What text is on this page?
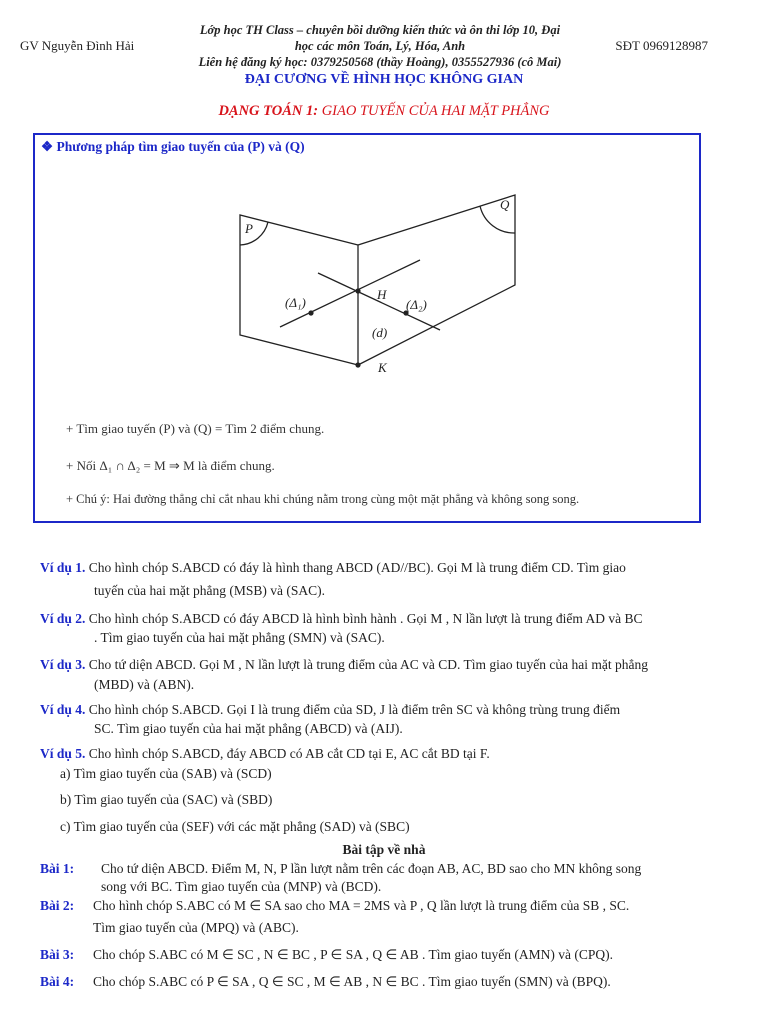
GV Nguyễn Đình Hải
Lớp học TH Class – chuyên bồi dưỡng kiến thức và ôn thi lớp 10, Đại
học các môn Toán, Lý, Hóa, Anh
Liên hệ đăng ký học: 0379250568 (thầy Hoàng), 0355527936 (cô Mai)
SĐT 0969128987
ĐẠI CƯƠNG VỀ HÌNH HỌC KHÔNG GIAN
DẠNG TOÁN 1: GIAO TUYẾN CỦA HAI MẶT PHẲNG
❖ Phương pháp tìm giao tuyến của (P) và (Q)
P
Q
H
K
(d)
(Δ₁)	(Δ₂)
+ Tìm giao tuyến (P) và (Q) = Tìm 2 điểm chung.
+ Nối Δ₁ ∩ Δ₂ = M ⇒ M là điểm chung.
+ Chú ý: Hai đường thẳng chỉ cắt nhau khi chúng nằm trong cùng một mặt phẳng và không song song.
Ví dụ 1. Cho hình chóp S.ABCD có đáy là hình thang ABCD (AD//BC). Gọi M là trung điểm CD. Tìm giao
tuyến của hai mặt phẳng (MSB) và (SAC).
Ví dụ 2. Cho hình chóp S.ABCD có đáy ABCD là hình bình hành . Gọi M , N lần lượt là trung điểm AD và BC
. Tìm giao tuyến của hai mặt phẳng (SMN) và (SAC).
Ví dụ 3. Cho tứ diện ABCD. Gọi M , N lần lượt là trung điểm của AC và CD. Tìm giao tuyến của hai mặt phẳng
(MBD) và (ABN).
Ví dụ 4. Cho hình chóp S.ABCD. Gọi I là trung điểm của SD, J là điểm trên SC và không trùng trung điểm
SC. Tìm giao tuyến của hai mặt phẳng (ABCD) và (AIJ).
Ví dụ 5. Cho hình chóp S.ABCD, đáy ABCD có AB cắt CD tại E, AC cắt BD tại F.
a) Tìm giao tuyến của (SAB) và (SCD)
b) Tìm giao tuyến của (SAC) và (SBD)
c) Tìm giao tuyến của (SEF) với các mặt phẳng (SAD) và (SBC)
Bài tập về nhà
Bài 1: Cho tứ diện ABCD. Điểm M, N, P lần lượt nằm trên các đoạn AB, AC, BD sao cho MN không song
song với BC. Tìm giao tuyến của (MNP) và (BCD).
Bài 2: Cho hình chóp S.ABC có M ∈ SA sao cho MA = 2MS và P , Q lần lượt là trung điểm của SB , SC.
Tìm giao tuyến của (MPQ) và (ABC).
Bài 3: Cho chóp S.ABC có M ∈ SC , N ∈ BC , P ∈ SA , Q ∈ AB . Tìm giao tuyến (AMN) và (CPQ).
Bài 4: Cho chóp S.ABC có P ∈ SA , Q ∈ SC , M ∈ AB , N ∈ BC . Tìm giao tuyến (SMN) và (BPQ).
